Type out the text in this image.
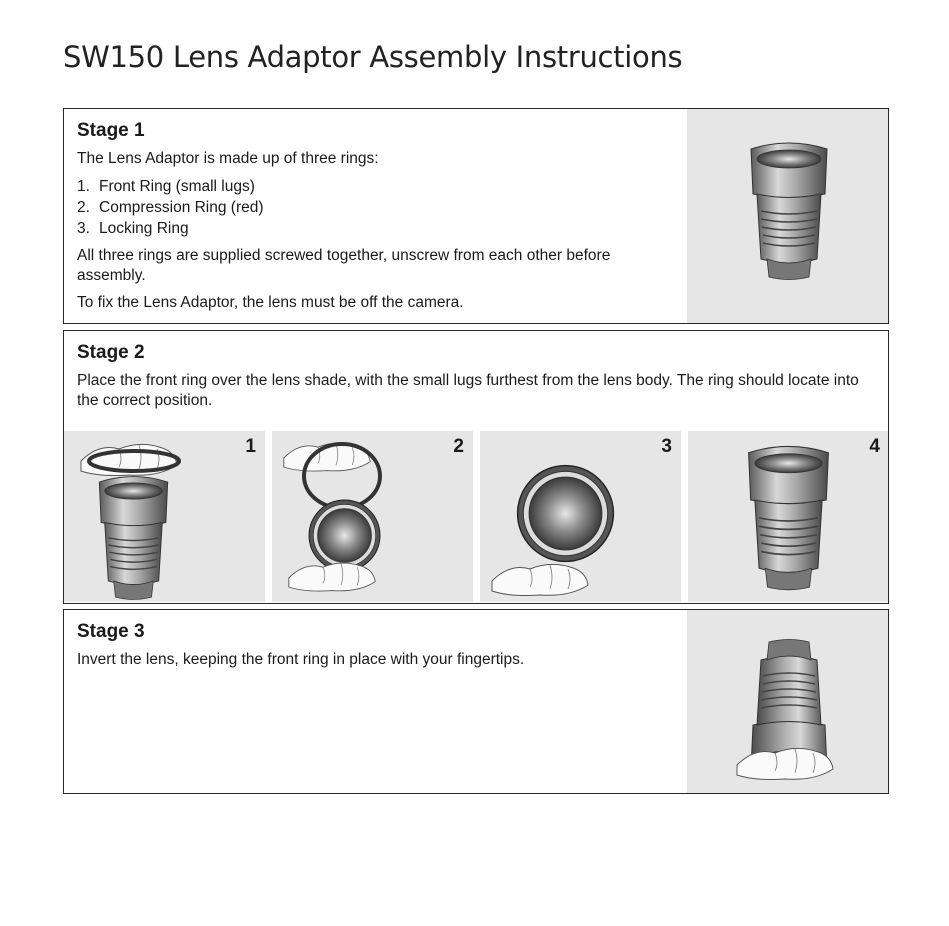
SW150 Lens Adaptor Assembly Instructions
Stage 1

The Lens Adaptor is made up of three rings:

1. Front Ring (small lugs)
2. Compression Ring (red)
3. Locking Ring

All three rings are supplied screwed together, unscrew from each other before assembly.

To fix the Lens Adaptor, the lens must be off the camera.

Stage 2

Place the front ring over the lens shade, with the small lugs furthest from the lens body. The ring should locate into the correct position.

1	2	3	4
Stage 3

Invert the lens, keeping the front ring in place with your fingertips.
